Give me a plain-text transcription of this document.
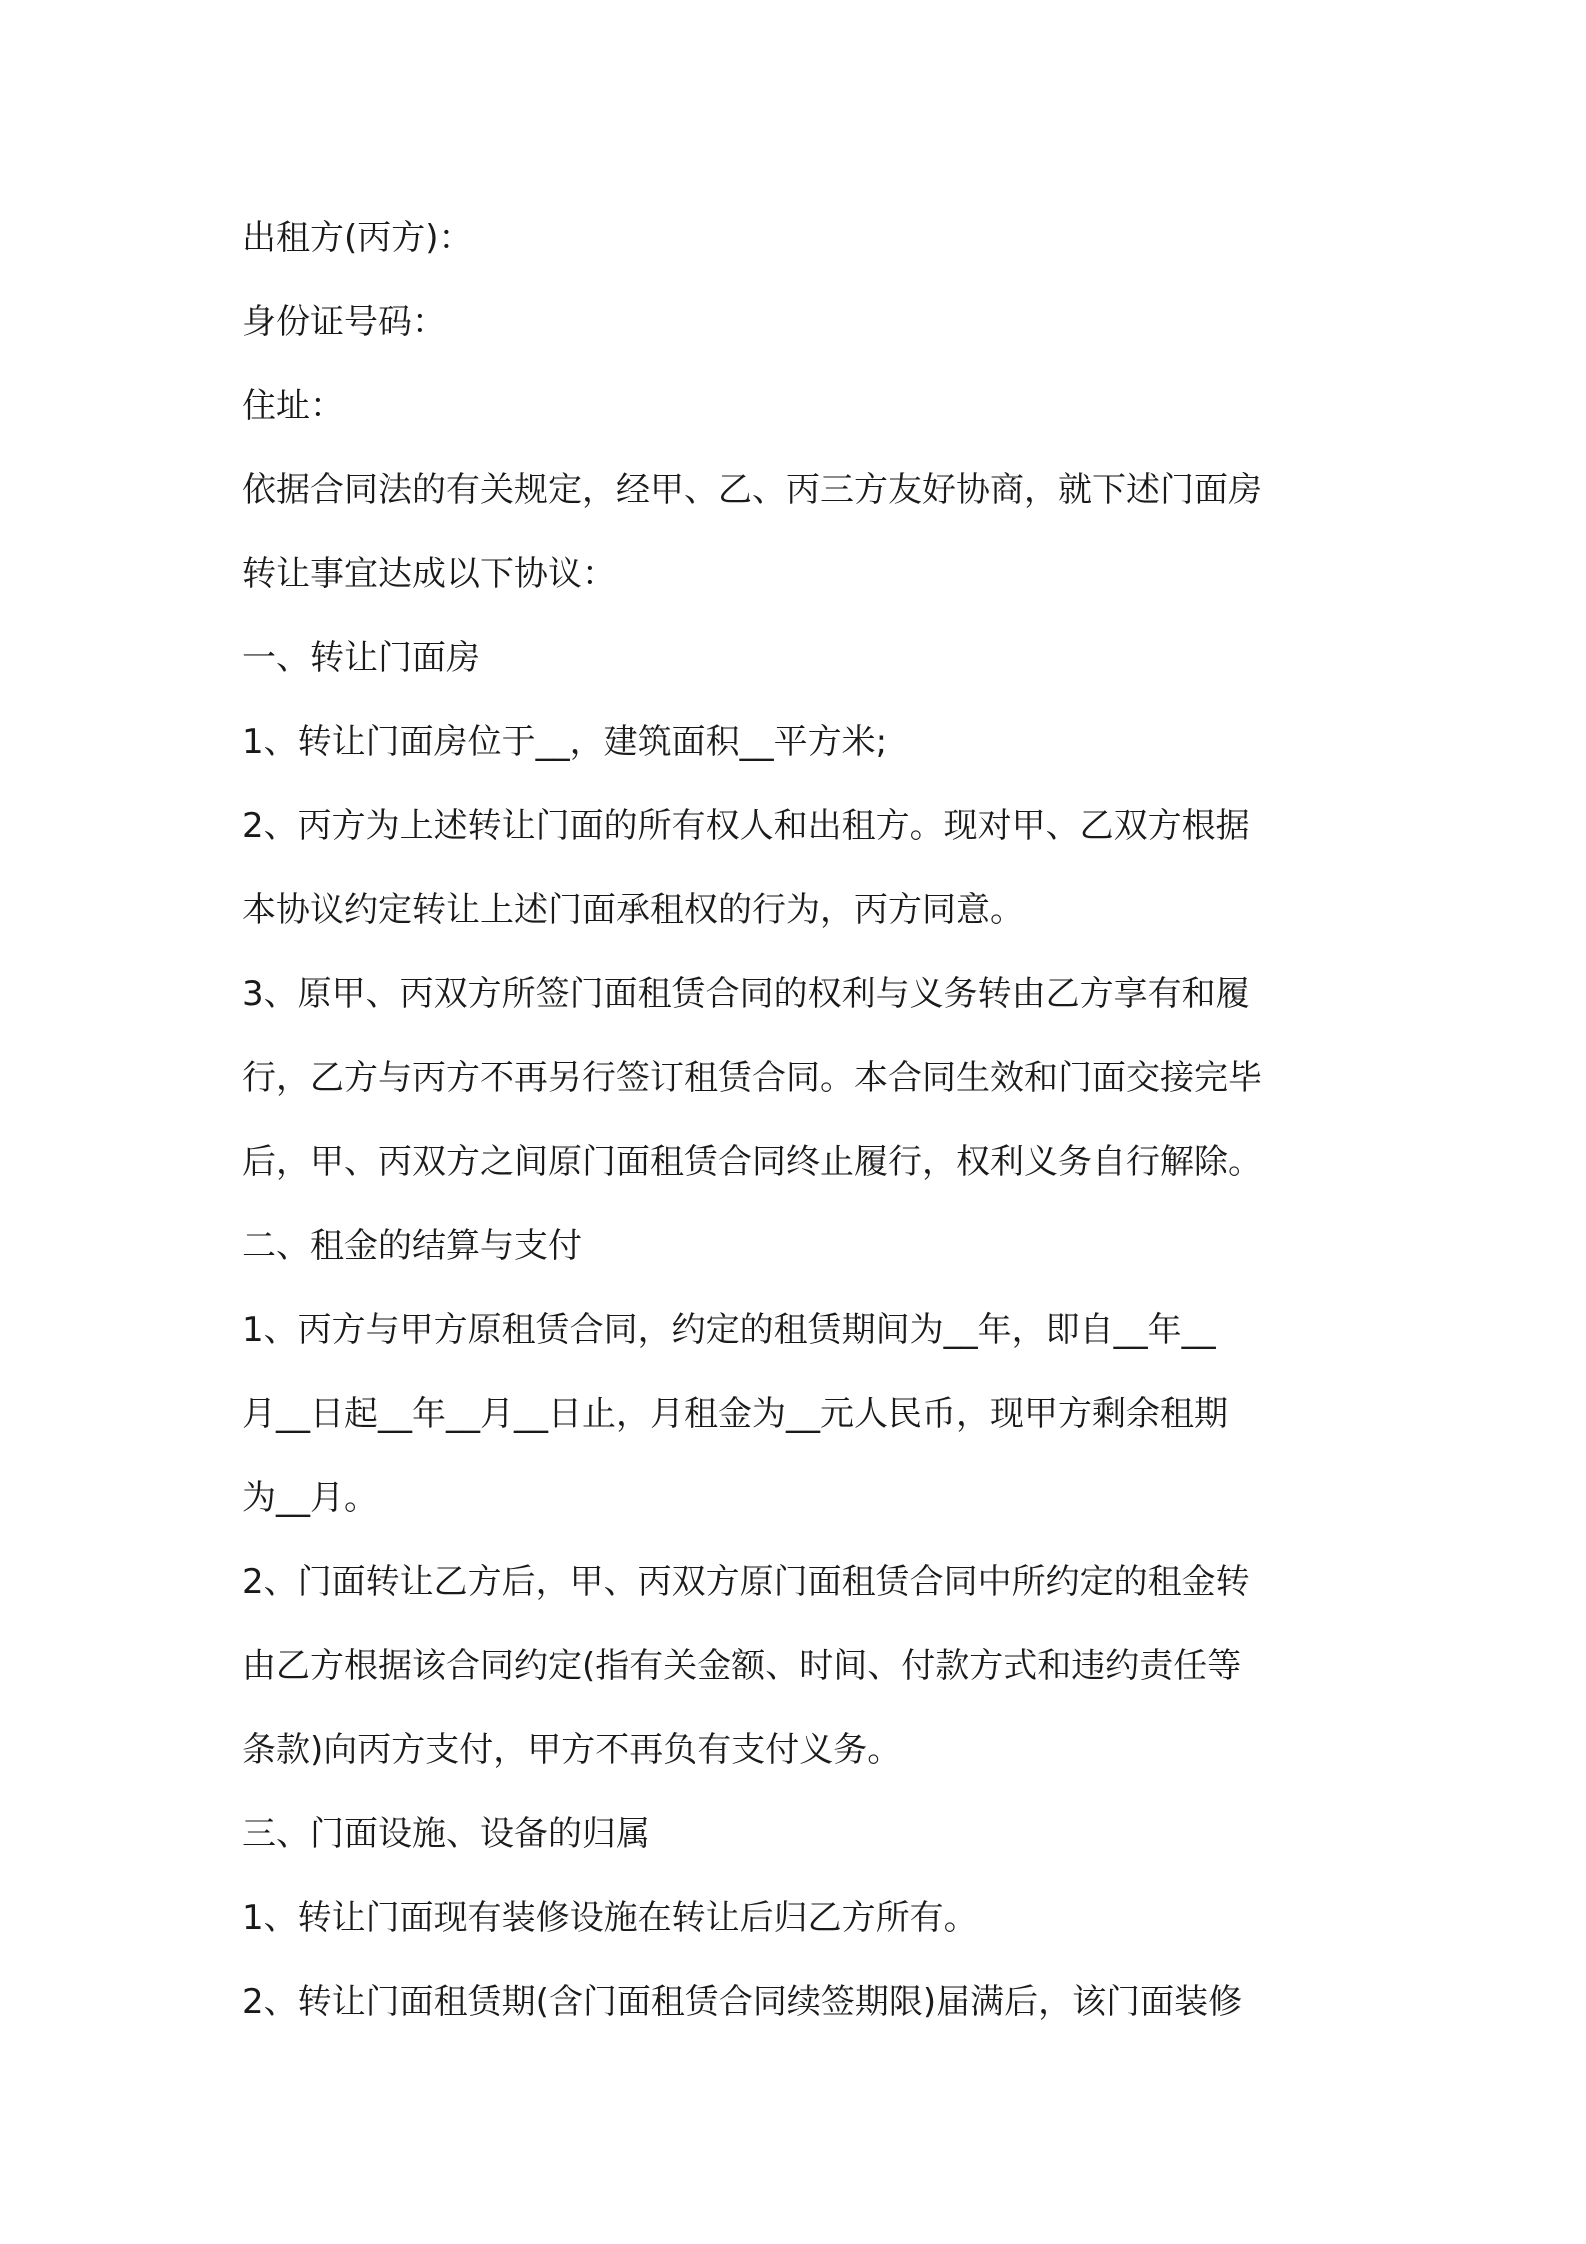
出租方(丙方)：

身份证号码：

住址：

依据合同法的有关规定，经甲、乙、丙三方友好协商，就下述门面房

转让事宜达成以下协议：

一、转让门面房

1、转让门面房位于__，建筑面积__平方米;

2、丙方为上述转让门面的所有权人和出租方。现对甲、乙双方根据

本协议约定转让上述门面承租权的行为，丙方同意。

3、原甲、丙双方所签门面租赁合同的权利与义务转由乙方享有和履

行，乙方与丙方不再另行签订租赁合同。本合同生效和门面交接完毕

后，甲、丙双方之间原门面租赁合同终止履行，权利义务自行解除。

二、租金的结算与支付

1、丙方与甲方原租赁合同，约定的租赁期间为__年，即自__年__

月__日起__年__月__日止，月租金为__元人民币，现甲方剩余租期

为__月。

2、门面转让乙方后，甲、丙双方原门面租赁合同中所约定的租金转

由乙方根据该合同约定(指有关金额、时间、付款方式和违约责任等

条款)向丙方支付，甲方不再负有支付义务。

三、门面设施、设备的归属

1、转让门面现有装修设施在转让后归乙方所有。

2、转让门面租赁期(含门面租赁合同续签期限)届满后，该门面装修
